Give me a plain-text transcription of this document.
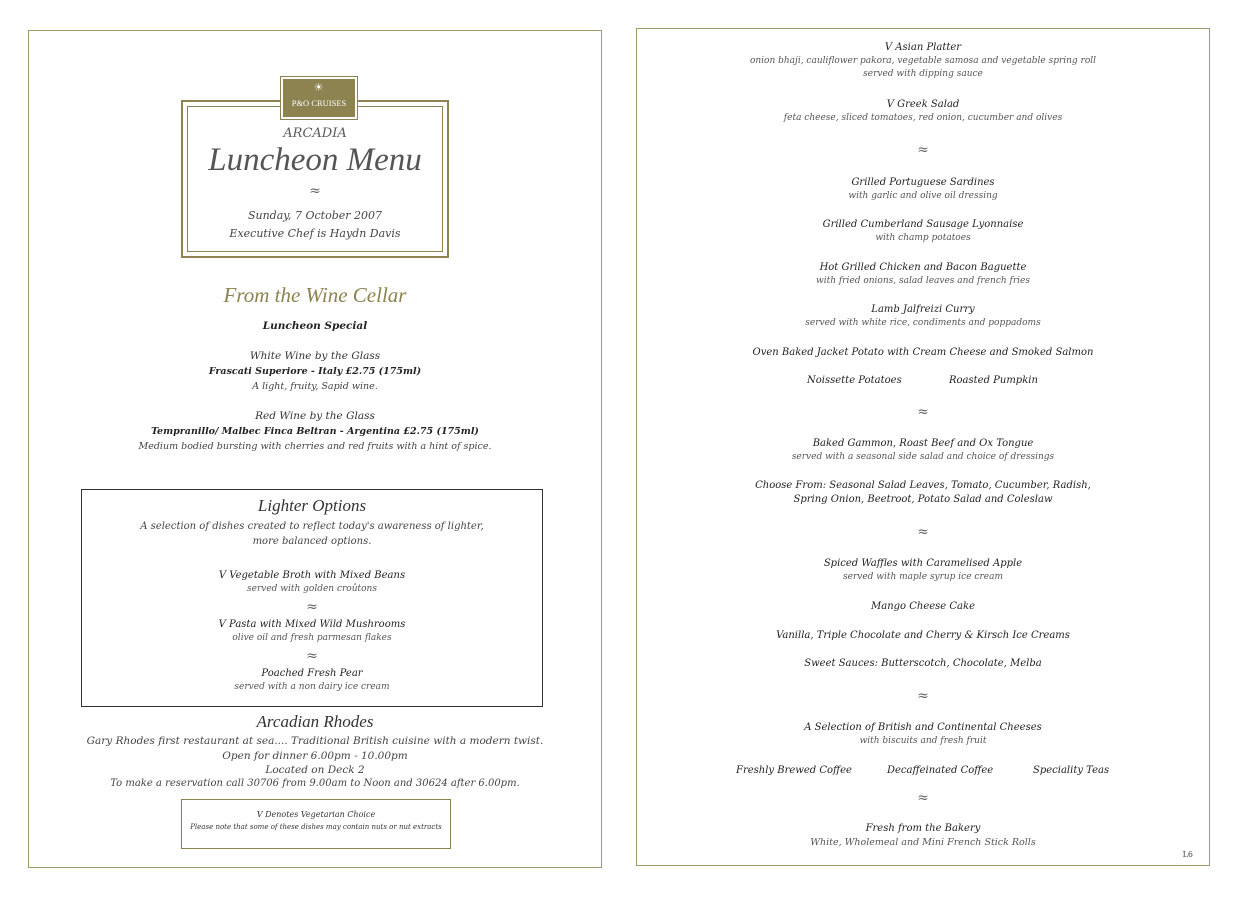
☀
P&O CRUISES
ARCADIA
Luncheon Menu
≈
Sunday, 7 October 2007
Executive Chef is Haydn Davis
From the Wine Cellar
Luncheon Special
White Wine by the Glass
Frascati Superiore - Italy £2.75 (175ml)
A light, fruity, Sapid wine.
Red Wine by the Glass
Tempranillo/ Malbec Finca Beltran - Argentina £2.75 (175ml)
Medium bodied bursting with cherries and red fruits with a hint of spice.
Lighter Options
A selection of dishes created to reflect today's awareness of lighter,
more balanced options.
V Vegetable Broth with Mixed Beans
served with golden croûtons
≈
V Pasta with Mixed Wild Mushrooms
olive oil and fresh parmesan flakes
≈
Poached Fresh Pear
served with a non dairy ice cream
Arcadian Rhodes
Gary Rhodes first restaurant at sea.... Traditional British cuisine with a modern twist.
Open for dinner 6.00pm - 10.00pm
Located on Deck 2
To make a reservation call 30706 from 9.00am to Noon and 30624 after 6.00pm.
V Denotes Vegetarian Choice
Please note that some of these dishes may contain nuts or nut extracts
V Asian Platter
onion bhaji, cauliflower pakora, vegetable samosa and vegetable spring roll
served with dipping sauce
V Greek Salad
feta cheese, sliced tomatoes, red onion, cucumber and olives
≈
Grilled Portuguese Sardines
with garlic and olive oil dressing
Grilled Cumberland Sausage Lyonnaise
with champ potatoes
Hot Grilled Chicken and Bacon Baguette
with fried onions, salad leaves and french fries
Lamb Jalfreizi Curry
served with white rice, condiments and poppadoms
Oven Baked Jacket Potato with Cream Cheese and Smoked Salmon
Noissette Potatoes	Roasted Pumpkin
≈
Baked Gammon, Roast Beef and Ox Tongue
served with a seasonal side salad and choice of dressings
Choose From: Seasonal Salad Leaves, Tomato, Cucumber, Radish,
Spring Onion, Beetroot, Potato Salad and Coleslaw
≈
Spiced Waffles with Caramelised Apple
served with maple syrup ice cream
Mango Cheese Cake
Vanilla, Triple Chocolate and Cherry & Kirsch Ice Creams
Sweet Sauces: Butterscotch, Chocolate, Melba
≈
A Selection of British and Continental Cheeses
with biscuits and fresh fruit
Freshly Brewed Coffee	Decaffeinated Coffee	Speciality Teas
≈
Fresh from the Bakery
White, Wholemeal and Mini French Stick Rolls
L6
